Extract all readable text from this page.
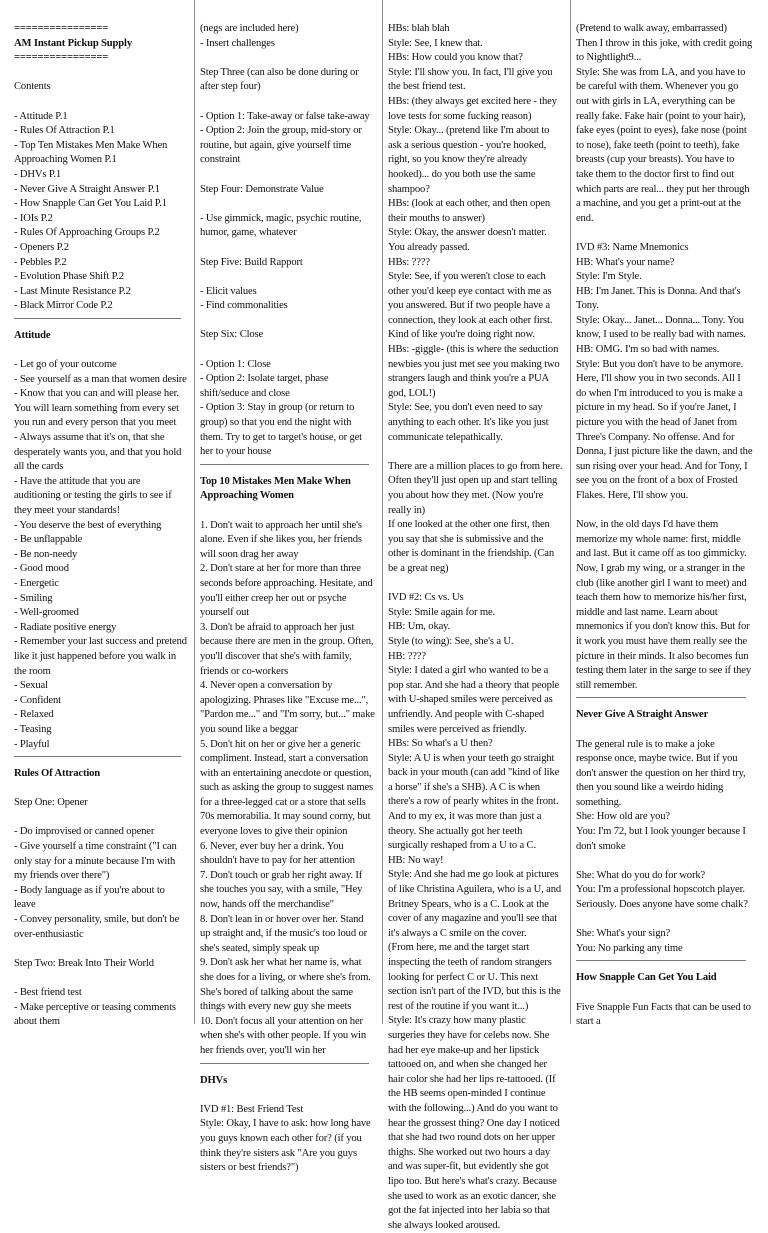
================

AM Instant Pickup Supply

================

Contents

- Attitude P.1

- Rules Of Attraction P.1

- Top Ten Mistakes Men Make When Approaching Women P.1

- DHVs P.1

- Never Give A Straight Answer P.1

- How Snapple Can Get You Laid P.1

- IOIs P.2

- Rules Of Approaching Groups P.2

- Openers P.2

- Pebbles P.2

- Evolution Phase Shift P.2

- Last Minute Resistance P.2

- Black Mirror Code P.2

Attitude

- Let go of your outcome

- See yourself as a man that women desire

- Know that you can and will please her. You will learn something from every set you run and every person that you meet

- Always assume that it's on, that she desperately wants you, and that you hold all the cards

- Have the attitude that you are auditioning or testing the girls to see if they meet your standards!

- You deserve the best of everything

- Be unflappable

- Be non-needy

- Good mood

- Energetic

- Smiling

- Well-groomed

- Radiate positive energy

- Remember your last success and pretend like it just happened before you walk in the room

- Sexual

- Confident

- Relaxed

- Teasing

- Playful

Rules Of Attraction

Step One: Opener

- Do improvised or canned opener

- Give yourself a time constraint ("I can only stay for a minute because I'm with my friends over there")

- Body language as if you're about to leave

- Convey personality, smile, but don't be over-enthusiastic

Step Two: Break Into Their World

- Best friend test

- Make perceptive or teasing comments about them

(negs are included here)

- Insert challenges

Step Three (can also be done during or after step four)

- Option 1: Take-away or false take-away

- Option 2: Join the group, mid-story or routine, but again, give yourself time constraint

Step Four: Demonstrate Value

- Use gimmick, magic, psychic routine, humor, game, whatever

Step Five: Build Rapport

- Elicit values

- Find commonalities

Step Six: Close

- Option 1: Close

- Option 2: Isolate target, phase shift/seduce and close

- Option 3: Stay in group (or return to group) so that you end the night with them. Try to get to target's house, or get her to your house

Top 10 Mistakes Men Make When Approaching Women

1. Don't wait to approach her until she's alone. Even if she likes you, her friends will soon drag her away

2. Don't stare at her for more than three seconds before approaching. Hesitate, and you'll either creep her out or psyche yourself out

3. Don't be afraid to approach her just because there are men in the group. Often, you'll discover that she's with family, friends or co-workers

4. Never open a conversation by apologizing. Phrases like "Excuse me...", "Pardon me..." and "I'm sorry, but..." make you sound like a beggar

5. Don't hit on her or give her a generic compliment. Instead, start a conversation with an entertaining anecdote or question, such as asking the group to suggest names for a three-legged cat or a store that sells 70s memorabilia. It may sound corny, but everyone loves to give their opinion

6. Never, ever buy her a drink. You shouldn't have to pay for her attention

7. Don't touch or grab her right away. If she touches you say, with a smile, "Hey now, hands off the merchandise"

8. Don't lean in or hover over her. Stand up straight and, if the music's too loud or she's seated, simply speak up

9. Don't ask her what her name is, what she does for a living, or where she's from. She's bored of talking about the same things with every new guy she meets

10. Don't focus all your attention on her when she's with other people. If you win her friends over, you'll win her

DHVs

IVD #1: Best Friend Test

Style: Okay, I have to ask: how long have you guys known each other for? (if you think they're sisters ask "Are you guys sisters or best friends?")

HBs: blah blah

Style: See, I knew that.

HBs: How could you know that?

Style: I'll show you. In fact, I'll give you the best friend test.

HBs: (they always get excited here - they love tests for some fucking reason)

Style: Okay... (pretend like I'm about to ask a serious question - you're hooked, right, so you know they're already hooked)... do you both use the same shampoo?

HBs: (look at each other, and then open their mouths to answer)

Style: Okay, the answer doesn't matter. You already passed.

HBs: ????

Style: See, if you weren't close to each other you'd keep eye contact with me as you answered. But if two people have a connection, they look at each other first. Kind of like you're doing right now.

HBs: -giggle- (this is where the seduction newbies you just met see you making two strangers laugh and think you're a PUA god, LOL!)

Style: See, you don't even need to say anything to each other. It's like you just communicate telepathically.

There are a million places to go from here. Often they'll just open up and start telling you about how they met. (Now you're really in)

If one looked at the other one first, then you say that she is submissive and the other is dominant in the friendship. (Can be a great neg)

IVD #2: Cs vs. Us

Style: Smile again for me.

HB: Um, okay.

Style (to wing): See, she's a U.

HB: ????

Style: I dated a girl who wanted to be a pop star. And she had a theory that people with U-shaped smiles were perceived as unfriendly. And people with C-shaped smiles were perceived as friendly.

HBs: So what's a U then?

Style: A U is when your teeth go straight back in your mouth (can add "kind of like a horse" if she's a SHB). A C is when there's a row of pearly whites in the front. And to my ex, it was more than just a theory. She actually got her teeth surgically reshaped from a U to a C.

HB: No way!

Style: And she had me go look at pictures of like Christina Aguilera, who is a U, and Britney Spears, who is a C. Look at the cover of any magazine and you'll see that it's always a C smile on the cover.

(From here, me and the target start inspecting the teeth of random strangers looking for perfect C or U. This next section isn't part of the IVD, but this is the rest of the routine if you want it...)

Style: It's crazy how many plastic surgeries they have for celebs now. She had her eye make-up and her lipstick tattooed on, and when she changed her hair color she had her lips re-tattooed. (If the HB seems open-minded I continue with the following...) And do you want to hear the grossest thing? One day I noticed that she had two round dots on her upper thighs. She worked out two hours a day and was super-fit, but evidently she got lipo too. But here's what's crazy. Because she used to work as an exotic dancer, she got the fat injected into her labia so that she always looked aroused.

(Pretend to walk away, embarrassed)

Then I throw in this joke, with credit going to Nightlight9...

Style: She was from LA, and you have to be careful with them. Whenever you go out with girls in LA, everything can be really fake. Fake hair (point to your hair), fake eyes (point to eyes), fake nose (point to nose), fake teeth (point to teeth), fake breasts (cup your breasts). You have to take them to the doctor first to find out which parts are real... they put her through a machine, and you get a print-out at the end.

IVD #3: Name Mnemonics

HB: What's your name?

Style: I'm Style.

HB: I'm Janet. This is Donna. And that's Tony.

Style: Okay... Janet... Donna... Tony. You know, I used to be really bad with names.

HB: OMG. I'm so bad with names.

Style: But you don't have to be anymore. Here, I'll show you in two seconds. All I do when I'm introduced to you is make a picture in my head. So if you're Janet, I picture you with the head of Janet from Three's Company. No offense. And for Donna, I just picture like the dawn, and the sun rising over your head. And for Tony, I see you on the front of a box of Frosted Flakes. Here, I'll show you.

Now, in the old days I'd have them memorize my whole name: first, middle and last. But it came off as too gimmicky. Now, I grab my wing, or a stranger in the club (like another girl I want to meet) and teach them how to memorize his/her first, middle and last name. Learn about mnemonics if you don't know this. But for it work you must have them really see the picture in their minds. It also becomes fun testing them later in the sarge to see if they still remember.

Never Give A Straight Answer

The general rule is to make a joke response once, maybe twice. But if you don't answer the question on her third try, then you sound like a weirdo hiding something.

She: How old are you?

You: I'm 72, but I look younger because I don't smoke

She: What do you do for work?

You: I'm a professional hopscotch player. Seriously. Does anyone have some chalk?

She: What's your sign?

You: No parking any time

How Snapple Can Get You Laid

Five Snapple Fun Facts that can be used to start a
